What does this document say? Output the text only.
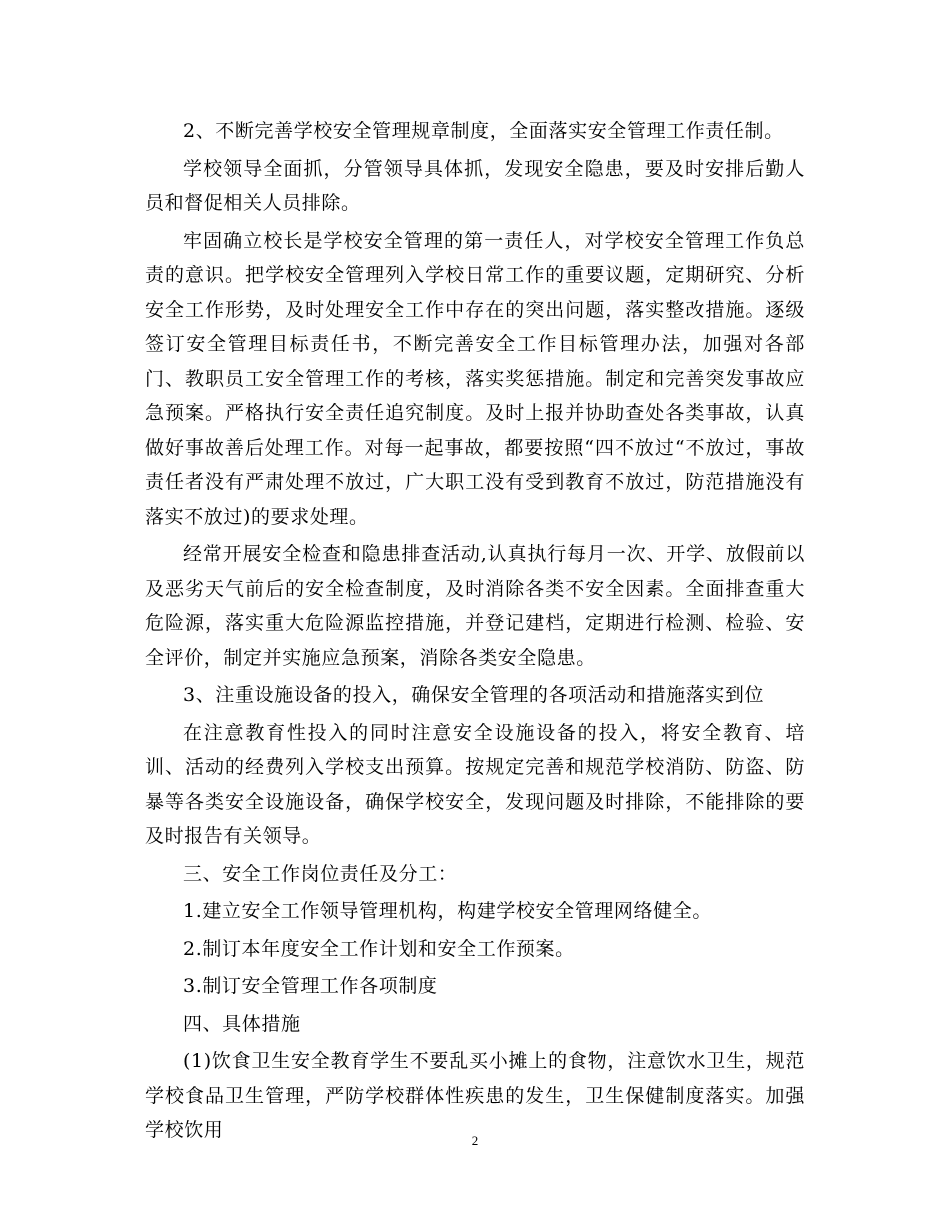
2、不断完善学校安全管理规章制度，全面落实安全管理工作责任制。

学校领导全面抓，分管领导具体抓，发现安全隐患，要及时安排后勤人员和督促相关人员排除。

牢固确立校长是学校安全管理的第一责任人，对学校安全管理工作负总责的意识。把学校安全管理列入学校日常工作的重要议题，定期研究、分析安全工作形势，及时处理安全工作中存在的突出问题，落实整改措施。逐级签订安全管理目标责任书，不断完善安全工作目标管理办法，加强对各部门、教职员工安全管理工作的考核，落实奖惩措施。制定和完善突发事故应急预案。严格执行安全责任追究制度。及时上报并协助查处各类事故，认真做好事故善后处理工作。对每一起事故，都要按照“四不放过“不放过，事故责任者没有严肃处理不放过，广大职工没有受到教育不放过，防范措施没有落实不放过)的要求处理。

经常开展安全检查和隐患排查活动,认真执行每月一次、开学、放假前以及恶劣天气前后的安全检查制度，及时消除各类不安全因素。全面排查重大危险源，落实重大危险源监控措施，并登记建档，定期进行检测、检验、安全评价，制定并实施应急预案，消除各类安全隐患。

3、注重设施设备的投入，确保安全管理的各项活动和措施落实到位

在注意教育性投入的同时注意安全设施设备的投入，将安全教育、培训、活动的经费列入学校支出预算。按规定完善和规范学校消防、防盗、防暴等各类安全设施设备，确保学校安全，发现问题及时排除，不能排除的要及时报告有关领导。

三、安全工作岗位责任及分工：

1.建立安全工作领导管理机构，构建学校安全管理网络健全。

2.制订本年度安全工作计划和安全工作预案。

3.制订安全管理工作各项制度

四、具体措施

(1)饮食卫生安全教育学生不要乱买小摊上的食物，注意饮水卫生，规范学校食品卫生管理，严防学校群体性疾患的发生，卫生保健制度落实。加强学校饮用	2
